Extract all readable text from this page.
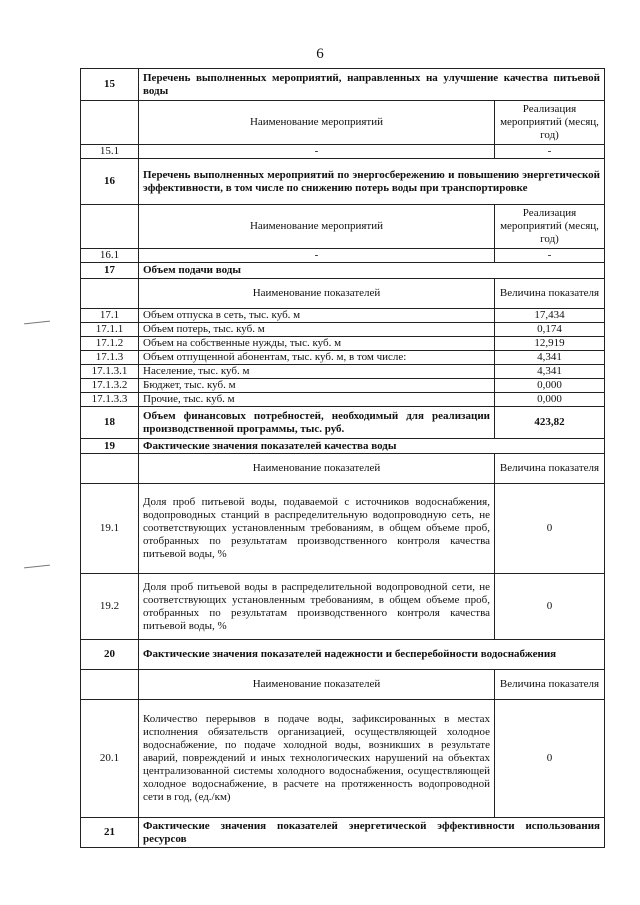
6
15	Перечень выполненных мероприятий, направленных на улучшение качества питьевой воды	
	Наименование мероприятий	Реализация мероприятий (месяц, год)
15.1	-	-
16	Перечень выполненных мероприятий по энергосбережению и повышению энергетической эффективности, в том числе по снижению потерь воды при транспортировке	
	Наименование мероприятий	Реализация мероприятий (месяц, год)
16.1	-	-
17	Объем подачи воды	
	Наименование показателей	Величина показателя
17.1	Объем отпуска в сеть, тыс. куб. м	17,434
17.1.1	Объем потерь, тыс. куб. м	0,174
17.1.2	Объем на собственные нужды, тыс. куб. м	12,919
17.1.3	Объем отпущенной абонентам, тыс. куб. м, в том числе:	4,341
17.1.3.1	Население, тыс. куб. м	4,341
17.1.3.2	Бюджет, тыс. куб. м	0,000
17.1.3.3	Прочие, тыс. куб. м	0,000
18	Объем финансовых потребностей, необходимый для реализации производственной программы, тыс. руб.	423,82
19	Фактические значения показателей качества воды	
	Наименование показателей	Величина показателя
19.1	Доля проб питьевой воды, подаваемой с источников водоснабжения, водопроводных станций в распределительную водопроводную сеть, не соответствующих установленным требованиям, в общем объеме проб, отобранных по результатам производственного контроля качества питьевой воды, %	0
19.2	Доля проб питьевой воды в распределительной водопроводной сети, не соответствующих установленным требованиям, в общем объеме проб, отобранных по результатам производственного контроля качества питьевой воды, %	0
20	Фактические значения показателей надежности и бесперебойности водоснабжения	
	Наименование показателей	Величина показателя
20.1	Количество перерывов в подаче воды, зафиксированных в местах исполнения обязательств организацией, осуществляющей холодное водоснабжение, по подаче холодной воды, возникших в результате аварий, повреждений и иных технологических нарушений на объектах централизованной системы холодного водоснабжения, осуществляющей холодное водоснабжение, в расчете на протяженность водопроводной сети в год, (ед./км)	0
21	Фактические значения показателей энергетической эффективности использования ресурсов	
